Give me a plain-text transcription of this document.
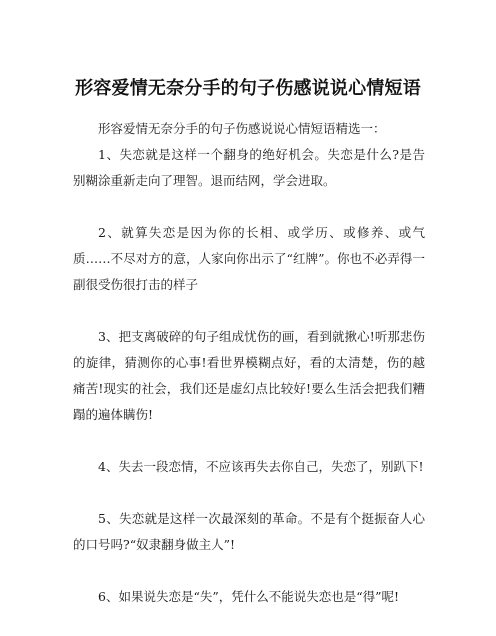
形容爱情无奈分手的句子伤感说说心情短语

形容爱情无奈分手的句子伤感说说心情短语精选一：

1、失恋就是这样一个翻身的绝好机会。失恋是什么?是告别糊涂重新走向了理智。退而结网，学会进取。

2、就算失恋是因为你的长相、或学历、或修养、或气质……不尽对方的意，人家向你出示了“红牌”。你也不必弄得一副很受伤很打击的样子

3、把支离破碎的句子组成忧伤的画，看到就揪心!听那悲伤的旋律，猜测你的心事!看世界模糊点好，看的太清楚，伤的越痛苦!现实的社会，我们还是虚幻点比较好!要么生活会把我们糟蹋的遍体瞒伤!

4、失去一段恋情，不应该再失去你自己，失恋了，别趴下!

5、失恋就是这样一次最深刻的革命。不是有个挺振奋人心的口号吗?“奴隶翻身做主人”!

6、如果说失恋是“失”，凭什么不能说失恋也是“得”呢!
